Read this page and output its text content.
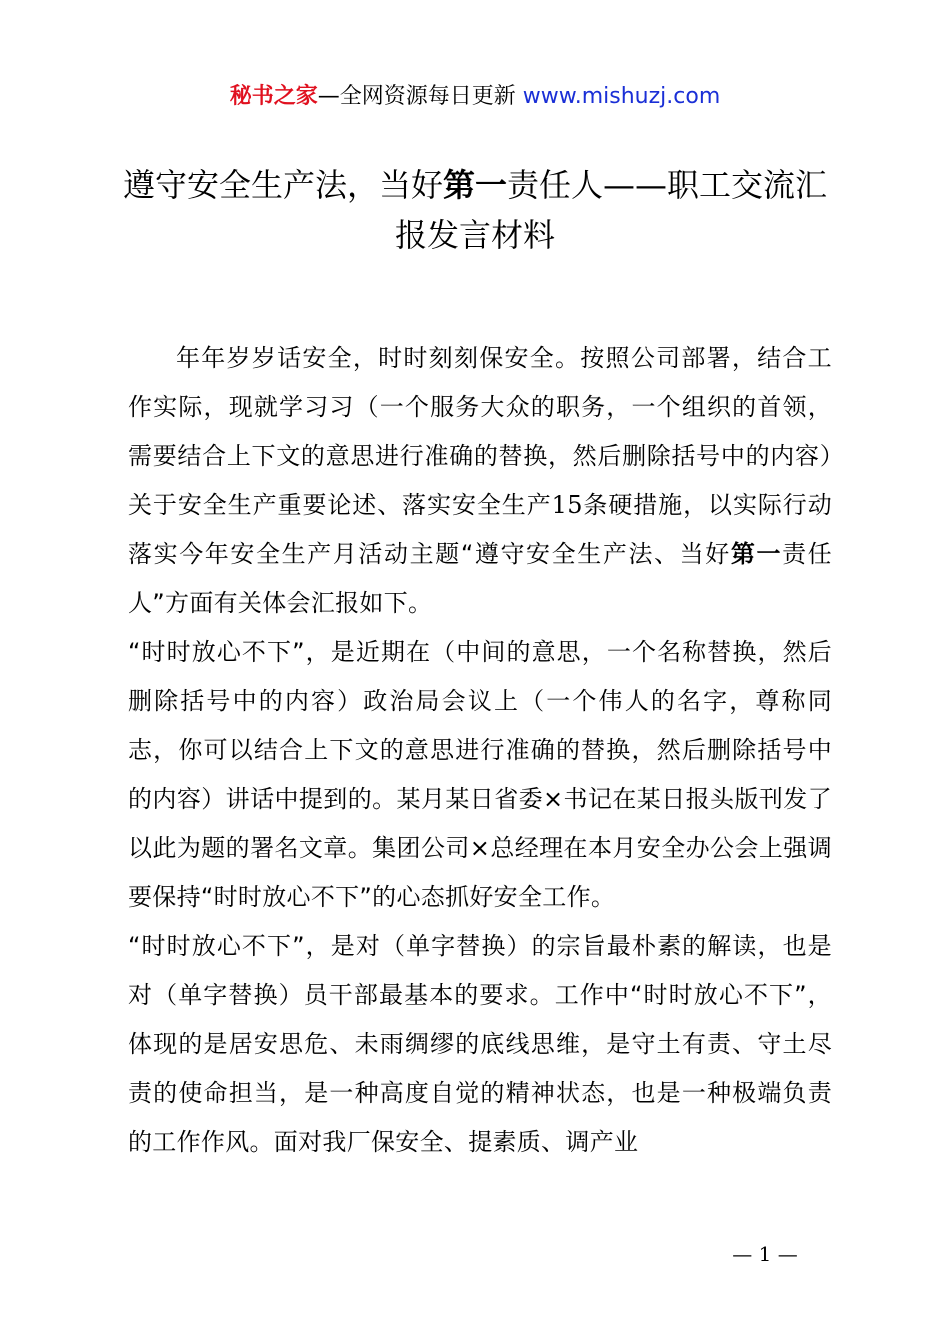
秘书之家—全网资源每日更新 www.mishuzj.com
遵守安全生产法，当好第一责任人——职工交流汇报发言材料

年年岁岁话安全，时时刻刻保安全。按照公司部署，结合工作实际，现就学习习（一个服务大众的职务，一个组织的首领，需要结合上下文的意思进行准确的替换，然后删除括号中的内容）关于安全生产重要论述、落实安全生产15条硬措施，以实际行动落实今年安全生产月活动主题“遵守安全生产法、当好第一责任人”方面有关体会汇报如下。

“时时放心不下”，是近期在（中间的意思，一个名称替换，然后删除括号中的内容）政治局会议上（一个伟人的名字，尊称同志，你可以结合上下文的意思进行准确的替换，然后删除括号中的内容）讲话中提到的。某月某日省委×书记在某日报头版刊发了以此为题的署名文章。集团公司×总经理在本月安全办公会上强调要保持“时时放心不下”的心态抓好安全工作。

“时时放心不下”，是对（单字替换）的宗旨最朴素的解读，也是对（单字替换）员干部最基本的要求。工作中“时时放心不下”，体现的是居安思危、未雨绸缪的底线思维，是守土有责、守土尽责的使命担当，是一种高度自觉的精神状态，也是一种极端负责的工作作风。面对我厂保安全、提素质、调产业

— 1 —
